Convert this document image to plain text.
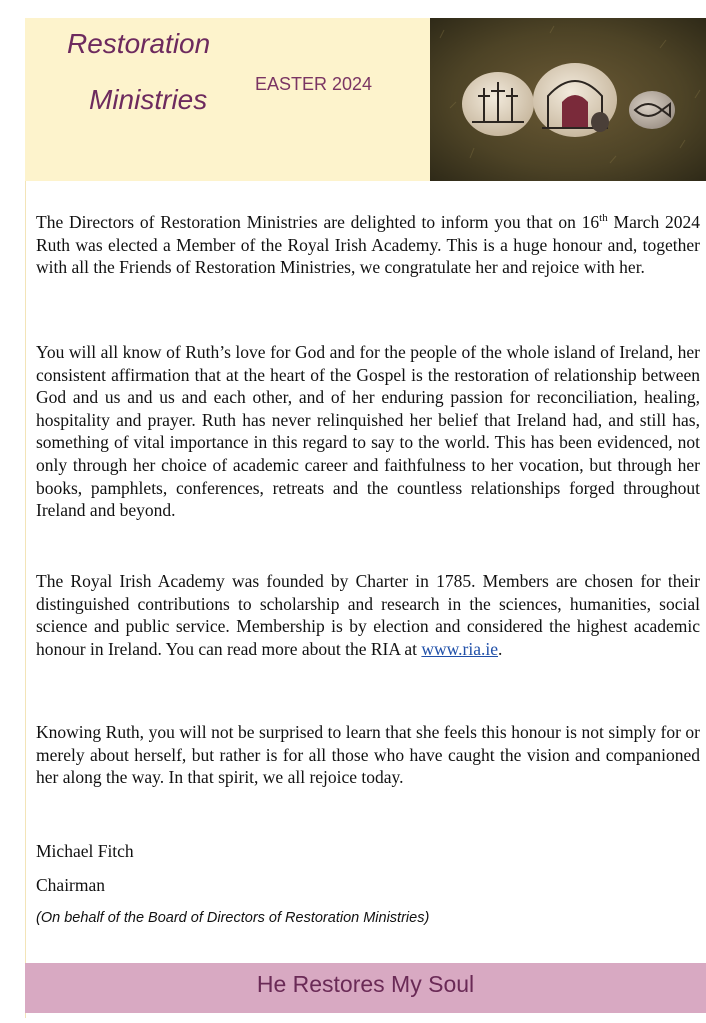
Restoration
Ministries	EASTER 2024

The Directors of Restoration Ministries are delighted to inform you that on 16th March 2024 Ruth was elected a Member of the Royal Irish Academy. This is a huge honour and, together with all the Friends of Restoration Ministries, we congratulate her and rejoice with her.

You will all know of Ruth’s love for God and for the people of the whole island of Ireland, her consistent affirmation that at the heart of the Gospel is the restoration of relationship between God and us and us and each other, and of her enduring passion for reconciliation, healing, hospitality and prayer. Ruth has never relinquished her belief that Ireland had, and still has, something of vital importance in this regard to say to the world. This has been evidenced, not only through her choice of academic career and faithfulness to her vocation, but through her books, pamphlets, conferences, retreats and the countless relationships forged throughout Ireland and beyond.

The Royal Irish Academy was founded by Charter in 1785. Members are chosen for their distinguished contributions to scholarship and research in the sciences, humanities, social science and public service. Membership is by election and considered the highest academic honour in Ireland. You can read more about the RIA at www.ria.ie.

Knowing Ruth, you will not be surprised to learn that she feels this honour is not simply for or merely about herself, but rather is for all those who have caught the vision and companioned her along the way. In that spirit, we all rejoice today.

Michael Fitch
Chairman
(On behalf of the Board of Directors of Restoration Ministries)
He Restores My Soul
